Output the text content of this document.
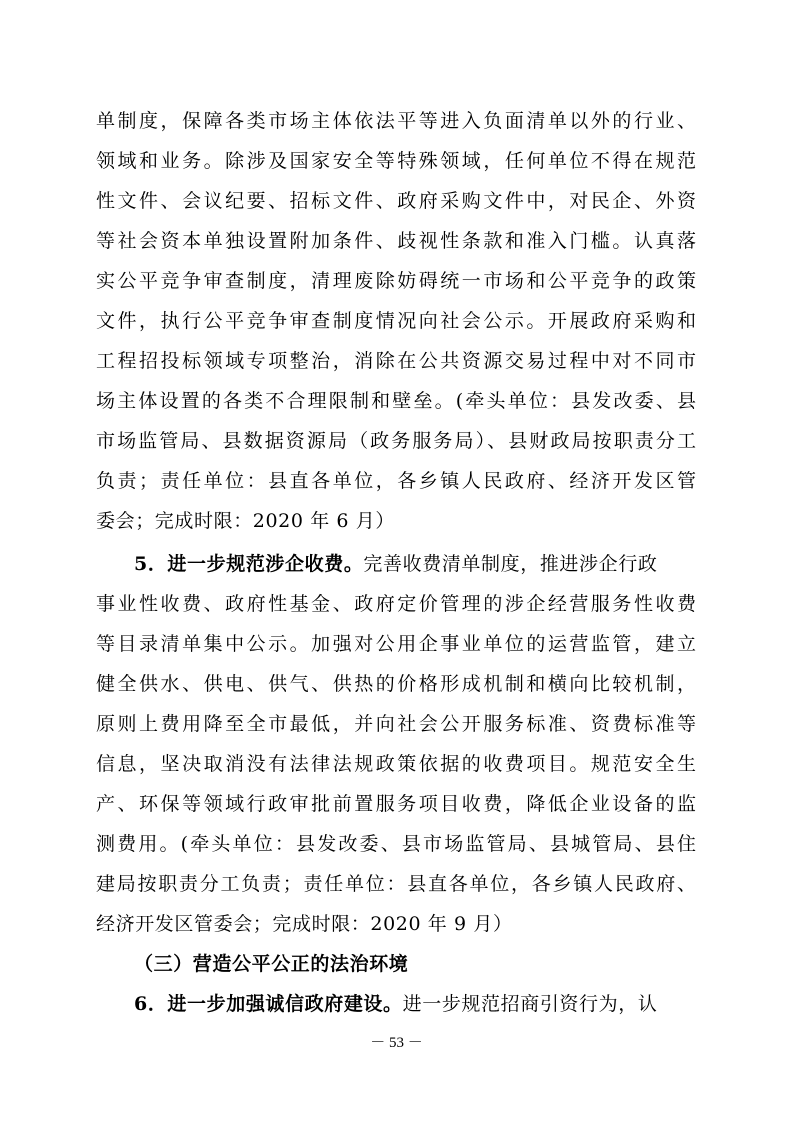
单制度，保障各类市场主体依法平等进入负面清单以外的行业、
领域和业务。除涉及国家安全等特殊领域，任何单位不得在规范
性文件、会议纪要、招标文件、政府采购文件中，对民企、外资
等社会资本单独设置附加条件、歧视性条款和准入门槛。认真落
实公平竞争审查制度，清理废除妨碍统一市场和公平竞争的政策
文件，执行公平竞争审查制度情况向社会公示。开展政府采购和
工程招投标领域专项整治，消除在公共资源交易过程中对不同市
场主体设置的各类不合理限制和壁垒。(牵头单位：县发改委、县
市场监管局、县数据资源局（政务服务局）、县财政局按职责分工
负责；责任单位：县直各单位，各乡镇人民政府、经济开发区管
委会；完成时限：2020 年 6 月）
5．进一步规范涉企收费。完善收费清单制度，推进涉企行政
事业性收费、政府性基金、政府定价管理的涉企经营服务性收费
等目录清单集中公示。加强对公用企事业单位的运营监管，建立
健全供水、供电、供气、供热的价格形成机制和横向比较机制，
原则上费用降至全市最低，并向社会公开服务标准、资费标准等
信息，坚决取消没有法律法规政策依据的收费项目。规范安全生
产、环保等领域行政审批前置服务项目收费，降低企业设备的监
测费用。(牵头单位：县发改委、县市场监管局、县城管局、县住
建局按职责分工负责；责任单位：县直各单位，各乡镇人民政府、
经济开发区管委会；完成时限：2020 年 9 月）
（三）营造公平公正的法治环境
6．进一步加强诚信政府建设。进一步规范招商引资行为，认
－ 53 －
